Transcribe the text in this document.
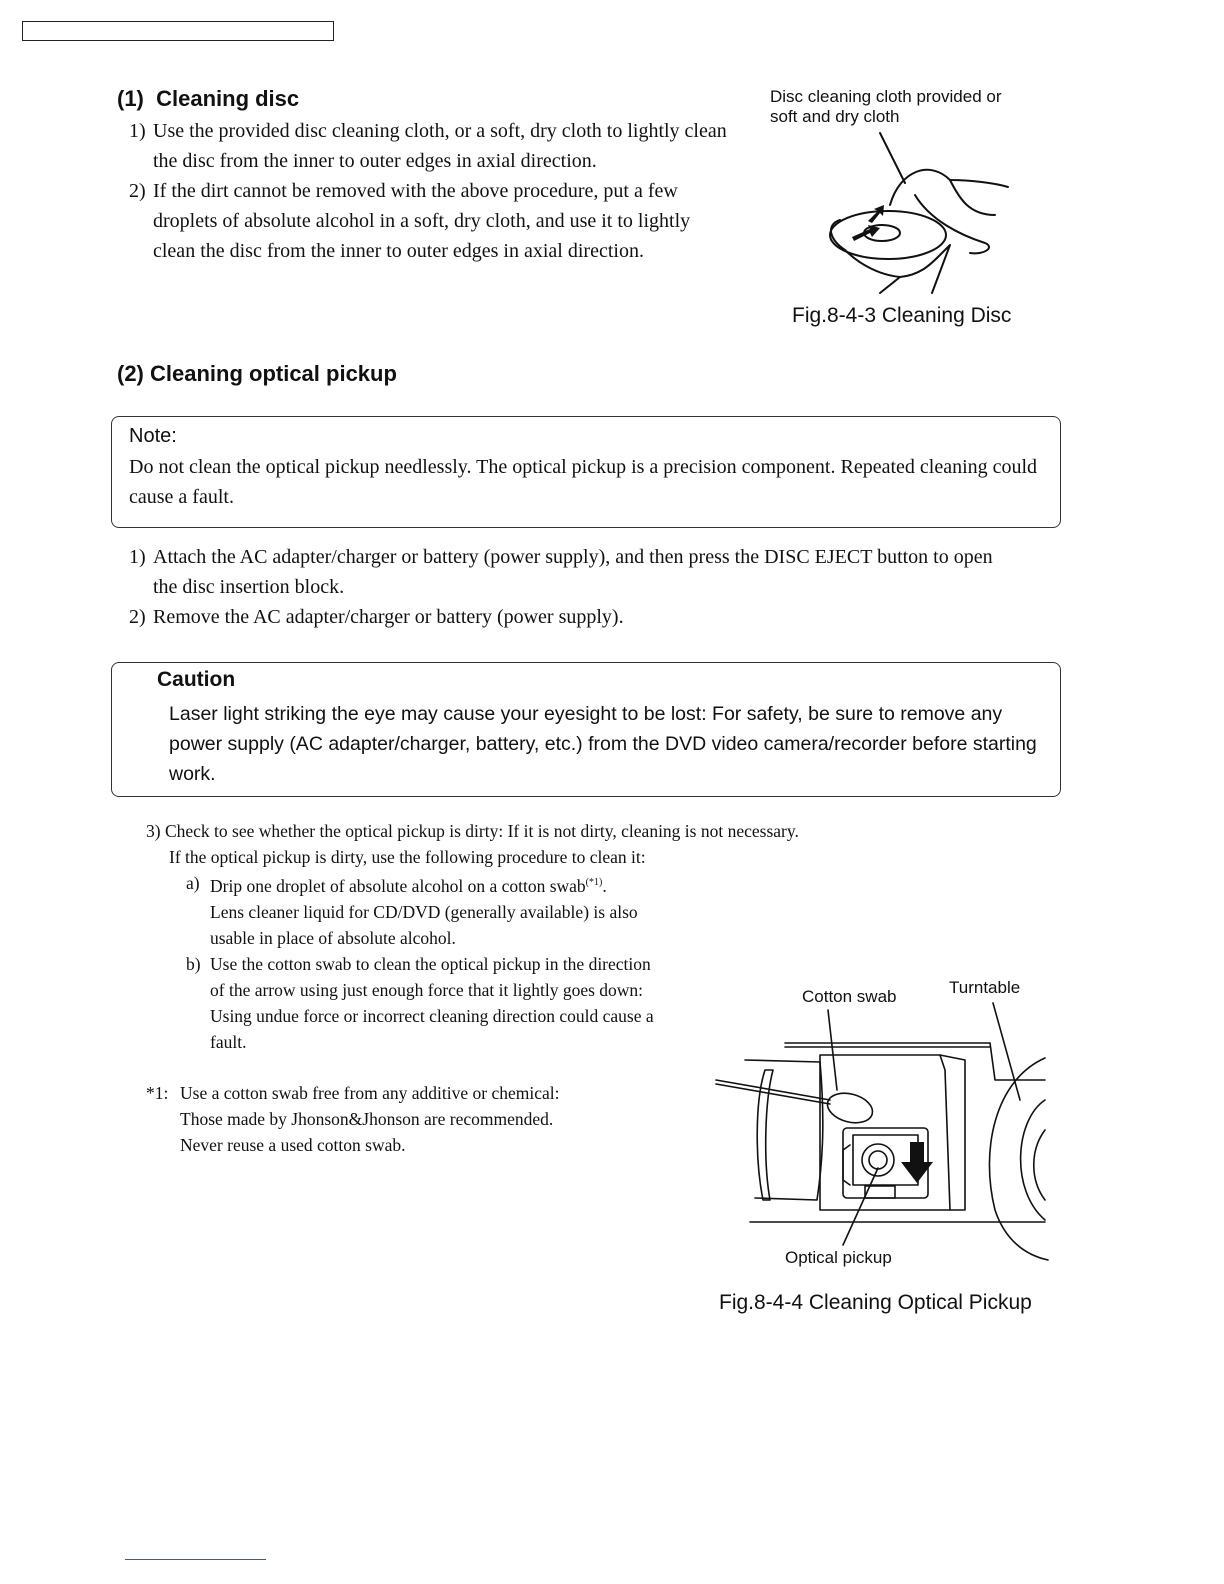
(1)  Cleaning disc
1) Use the provided disc cleaning cloth, or a soft, dry cloth to lightly clean the disc from the inner to outer edges in axial direction.
2) If the dirt cannot be removed with the above procedure, put a few droplets of absolute alcohol in a soft, dry cloth, and use it to lightly clean the disc from the inner to outer edges in axial direction.
Disc cleaning cloth provided or soft and dry cloth
Fig.8-4-3 Cleaning Disc
(2) Cleaning optical pickup
Note:
Do not clean the optical pickup needlessly. The optical pickup is a precision component. Repeated cleaning could cause a fault.
1) Attach the AC adapter/charger or battery (power supply), and then press the DISC EJECT button to open the disc insertion block.
2) Remove the AC adapter/charger or battery (power supply).
Caution
Laser light striking the eye may cause your eyesight to be lost: For safety, be sure to remove any power supply (AC adapter/charger, battery, etc.) from the DVD video camera/recorder before starting work.
3) Check to see whether the optical pickup is dirty: If it is not dirty, cleaning is not necessary.
If the optical pickup is dirty, use the following procedure to clean it:
a) Drip one droplet of absolute alcohol on a cotton swab$^{(*1)}$.
Lens cleaner liquid for CD/DVD (generally available) is also usable in place of absolute alcohol.
b) Use the cotton swab to clean the optical pickup in the direction of the arrow using just enough force that it lightly goes down: Using undue force or incorrect cleaning direction could cause a fault.
*1: Use a cotton swab free from any additive or chemical:
Those made by Jhonson&Jhonson are recommended.
Never reuse a used cotton swab.
Cotton swab	Turntable
Optical pickup
Fig.8-4-4 Cleaning Optical Pickup
